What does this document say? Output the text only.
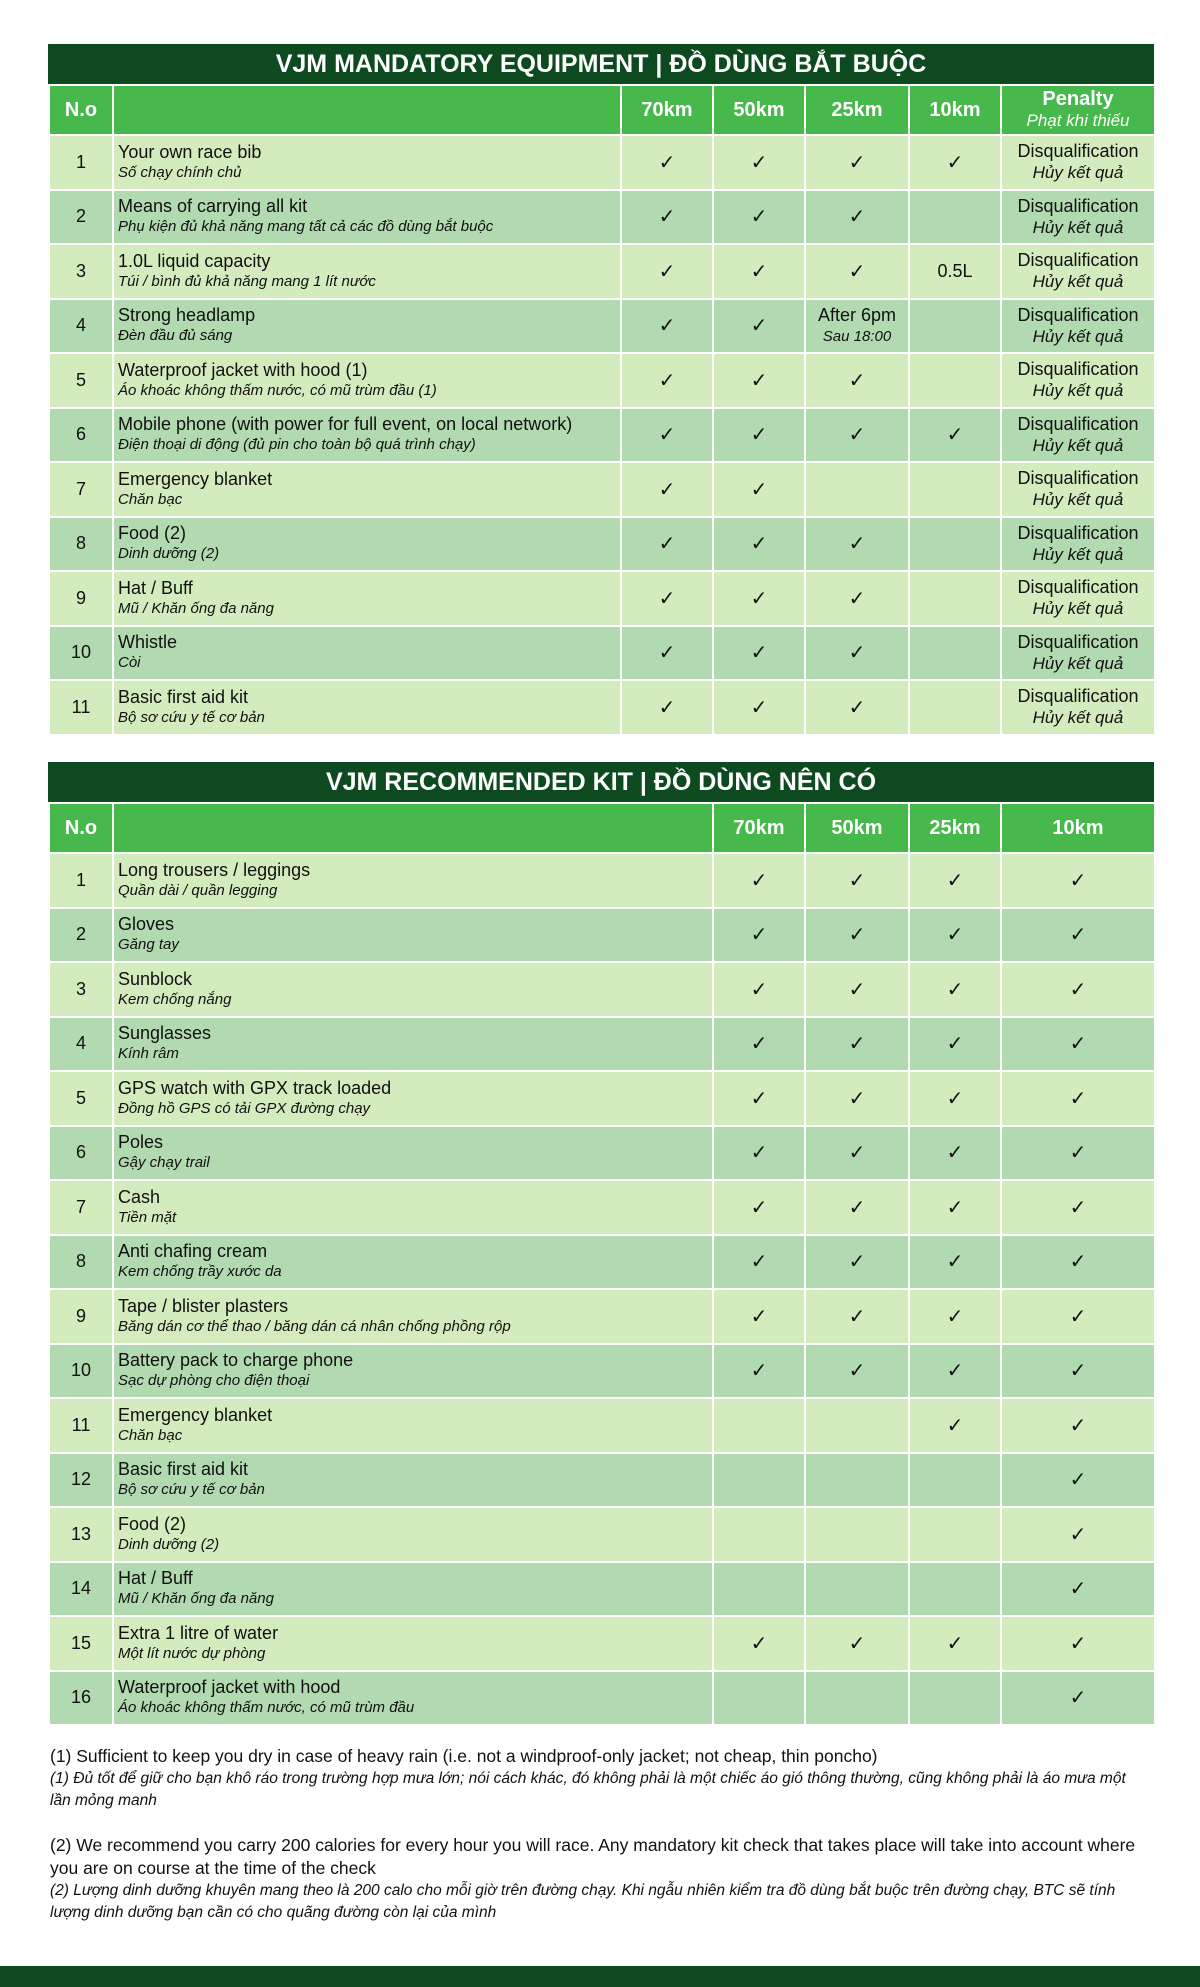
VJM MANDATORY EQUIPMENT | ĐỒ DÙNG BẮT BUỘC
N.o		70km	50km	25km	10km	Penalty
Phạt khi thiếu

1	Your own race bib
Số chạy chính chủ	✓	✓	✓	✓	Disqualification
Hủy kết quả

2	Means of carrying all kit
Phụ kiện đủ khả năng mang tất cả các đồ dùng bắt buộc	✓	✓	✓		Disqualification
Hủy kết quả

3	1.0L liquid capacity
Túi / bình đủ khả năng mang 1 lít nước	✓	✓	✓	0.5L	Disqualification
Hủy kết quả

4	Strong headlamp
Đèn đầu đủ sáng	✓	✓	After 6pm
Sau 18:00		Disqualification
Hủy kết quả

5	Waterproof jacket with hood (1)
Áo khoác không thấm nước, có mũ trùm đầu (1)	✓	✓	✓		Disqualification
Hủy kết quả

6	Mobile phone (with power for full event, on local network)
Điện thoại di động (đủ pin cho toàn bộ quá trình chạy)	✓	✓	✓	✓	Disqualification
Hủy kết quả

7	Emergency blanket
Chăn bạc	✓	✓			Disqualification
Hủy kết quả

8	Food (2)
Dinh dưỡng (2)	✓	✓	✓		Disqualification
Hủy kết quả

9	Hat / Buff
Mũ / Khăn ống đa năng	✓	✓	✓		Disqualification
Hủy kết quả

10	Whistle
Còi	✓	✓	✓		Disqualification
Hủy kết quả

11	Basic first aid kit
Bộ sơ cứu y tế cơ bản	✓	✓	✓		Disqualification
Hủy kết quả
VJM RECOMMENDED KIT | ĐỒ DÙNG NÊN CÓ
N.o		70km	50km	25km	10km
1	Long trousers / leggings
Quần dài / quần legging	✓	✓	✓	✓
2	Gloves
Găng tay	✓	✓	✓	✓
3	Sunblock
Kem chống nắng	✓	✓	✓	✓
4	Sunglasses
Kính râm	✓	✓	✓	✓
5	GPS watch with GPX track loaded
Đồng hồ GPS có tải GPX đường chạy	✓	✓	✓	✓
6	Poles
Gậy chạy trail	✓	✓	✓	✓
7	Cash
Tiền mặt	✓	✓	✓	✓
8	Anti chafing cream
Kem chống trầy xước da	✓	✓	✓	✓
9	Tape / blister plasters
Băng dán cơ thể thao / băng dán cá nhân chống phồng rộp	✓	✓	✓	✓
10	Battery pack to charge phone
Sạc dự phòng cho điện thoại	✓	✓	✓	✓
11	Emergency blanket
Chăn bạc			✓	✓
12	Basic first aid kit
Bộ sơ cứu y tế cơ bản				✓
13	Food (2)
Dinh dưỡng (2)				✓
14	Hat / Buff
Mũ / Khăn ống đa năng				✓
15	Extra 1 litre of water
Một lít nước dự phòng	✓	✓	✓	✓
16	Waterproof jacket with hood
Áo khoác không thấm nước, có mũ trùm đầu				✓
(1) Sufficient to keep you dry in case of heavy rain (i.e. not a windproof-only jacket; not cheap, thin poncho)
(1) Đủ tốt để giữ cho bạn khô ráo trong trường hợp mưa lớn; nói cách khác, đó không phải là một chiếc áo gió thông thường, cũng không phải là áo mưa một lần mỏng manh
(2) We recommend you carry 200 calories for every hour you will race. Any mandatory kit check that takes place will take into account where you are on course at the time of the check
(2) Lượng dinh dưỡng khuyên mang theo là 200 calo cho mỗi giờ trên đường chạy. Khi ngẫu nhiên kiểm tra đồ dùng bắt buộc trên đường chạy, BTC sẽ tính lượng dinh dưỡng bạn cần có cho quãng đường còn lại của mình
